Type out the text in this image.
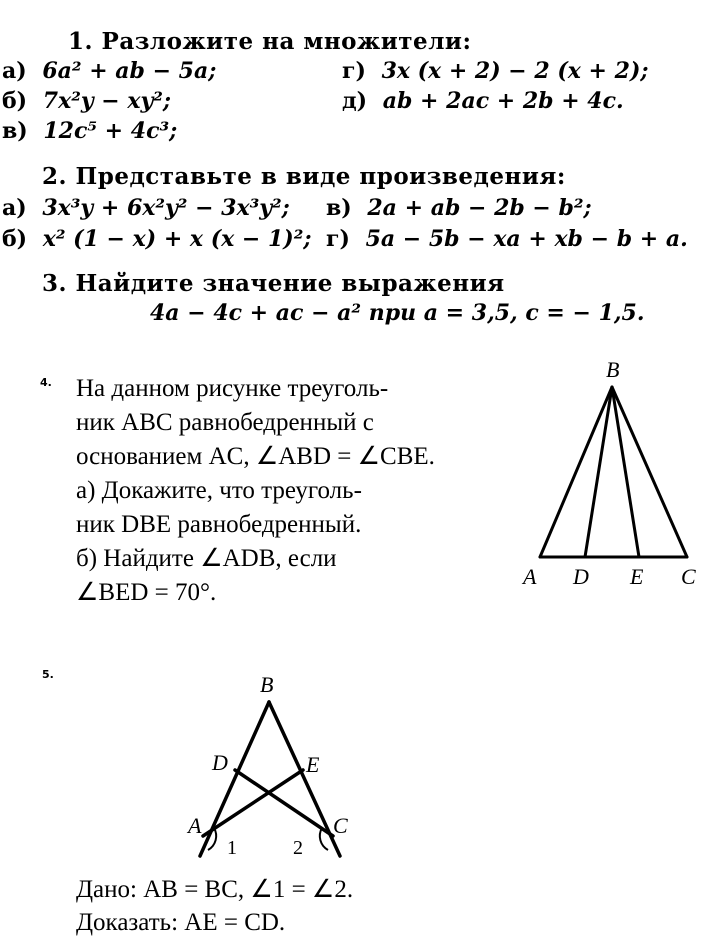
1. Разложите на множители:
а) 6a² + ab − 5a;
б) 7x²y − xy²;
в) 12c⁵ + 4c³;
г) 3x (x + 2) − 2 (x + 2);
д) ab + 2ac + 2b + 4c.
2. Представьте в виде произведения:
а) 3x³y + 6x²y² − 3x³y²;
б) x² (1 − x) + x (x − 1)²;
в) 2a + ab − 2b − b²;
г) 5a − 5b − xa + xb − b + a.
3. Найдите значение выражения
4a − 4c + ac − a² при a = 3,5, c = − 1,5.
4. На данном рисунке треуголь-
ник ABC равнобедренный с
основанием AC, ∠ABD = ∠CBE.
а) Докажите, что треуголь-
ник DBE равнобедренный.
б) Найдите ∠ADB, если
∠BED = 70°.
B
A D E C
5.	B
D	E
A	C
1	2
Дано: AB = BC, ∠1 = ∠2.
Доказать: AE = CD.
